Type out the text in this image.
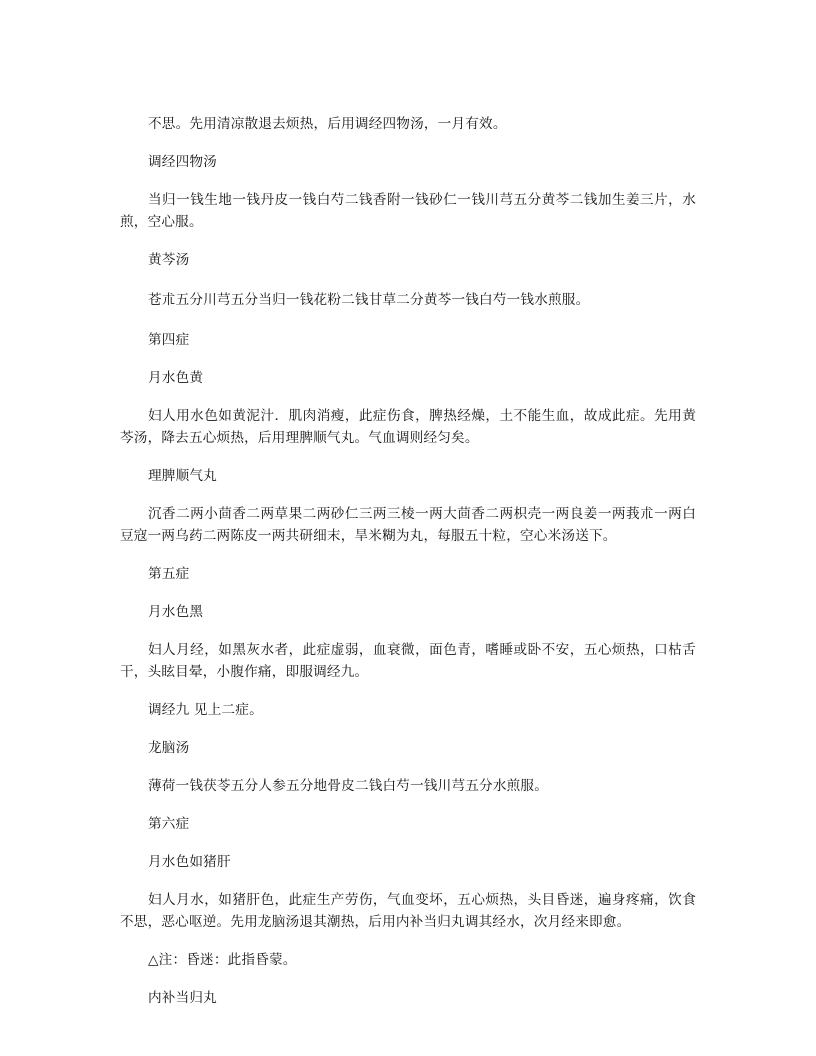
不思。先用清凉散退去烦热，后用调经四物汤，一月有效。

调经四物汤

当归一钱生地一钱丹皮一钱白芍二钱香附一钱砂仁一钱川芎五分黄芩二钱加生姜三片，水煎，空心服。

黄芩汤

苍朮五分川芎五分当归一钱花粉二钱甘草二分黄芩一钱白芍一钱水煎服。

第四症

月水色黄

妇人用水色如黄泥汁．肌肉消瘦，此症伤食，脾热经燥，土不能生血，故成此症。先用黄芩汤，降去五心烦热，后用理脾顺气丸。气血调则经匀矣。

理脾顺气丸

沉香二两小茴香二两草果二两砂仁三两三棱一两大茴香二两枳壳一两良姜一两莪朮一两白豆寇一两乌药二两陈皮一两共研细末，旱米糊为丸，每服五十粒，空心米汤送下。

第五症

月水色黑

妇人月经，如黑灰水者，此症虚弱，血衰微，面色青，嗜睡或卧不安，五心烦热，口枯舌干，头眩目晕，小腹作痛，即服调经九。

调经九 见上二症。

龙脑汤

薄荷一钱茯苓五分人参五分地骨皮二钱白芍一钱川芎五分水煎服。

第六症

月水色如猪肝

妇人月水，如猪肝色，此症生产劳伤，气血变坏，五心烦热，头目昏迷，遍身疼痛，饮食不思，恶心呕逆。先用龙脑汤退其潮热，后用内补当归丸调其经水，次月经来即愈。

△注：昏迷：此指昏蒙。

内补当归丸
